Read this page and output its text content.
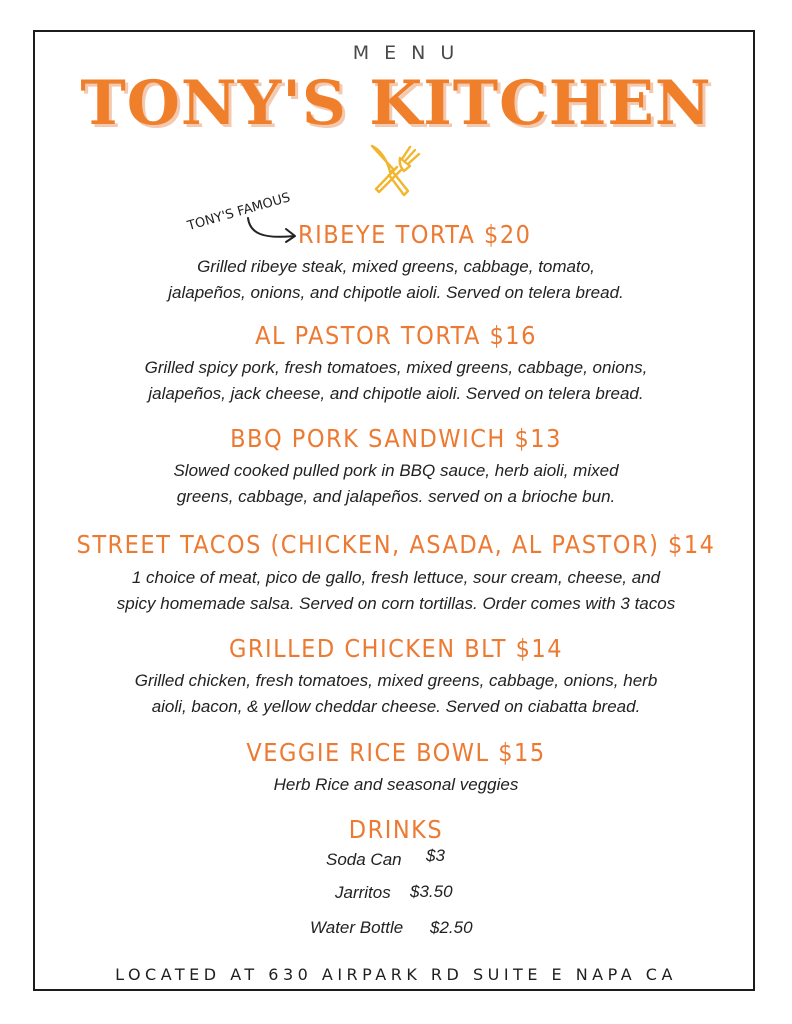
MENU
TONY'S KITCHEN
TONY'S FAMOUS
RIBEYE TORTA $20
Grilled ribeye steak, mixed greens, cabbage, tomato,
jalapeños, onions, and chipotle aioli. Served on telera bread.
AL PASTOR TORTA $16
Grilled spicy pork, fresh tomatoes, mixed greens, cabbage, onions,
jalapeños, jack cheese, and chipotle aioli. Served on telera bread.
BBQ PORK SANDWICH $13
Slowed cooked pulled pork in BBQ sauce, herb aioli, mixed
greens, cabbage, and jalapeños. served on a brioche bun.
STREET TACOS (CHICKEN, ASADA, AL PASTOR) $14
1 choice of meat, pico de gallo, fresh lettuce, sour cream, cheese, and
spicy homemade salsa. Served on corn tortillas. Order comes with 3 tacos
GRILLED CHICKEN BLT $14
Grilled chicken, fresh tomatoes, mixed greens, cabbage, onions, herb
aioli, bacon, & yellow cheddar cheese. Served on ciabatta bread.
VEGGIE RICE BOWL $15
Herb Rice and seasonal veggies
DRINKS
Soda Can $3
Jarritos $3.50
Water Bottle $2.50
LOCATED AT 630 AIRPARK RD SUITE E NAPA CA
